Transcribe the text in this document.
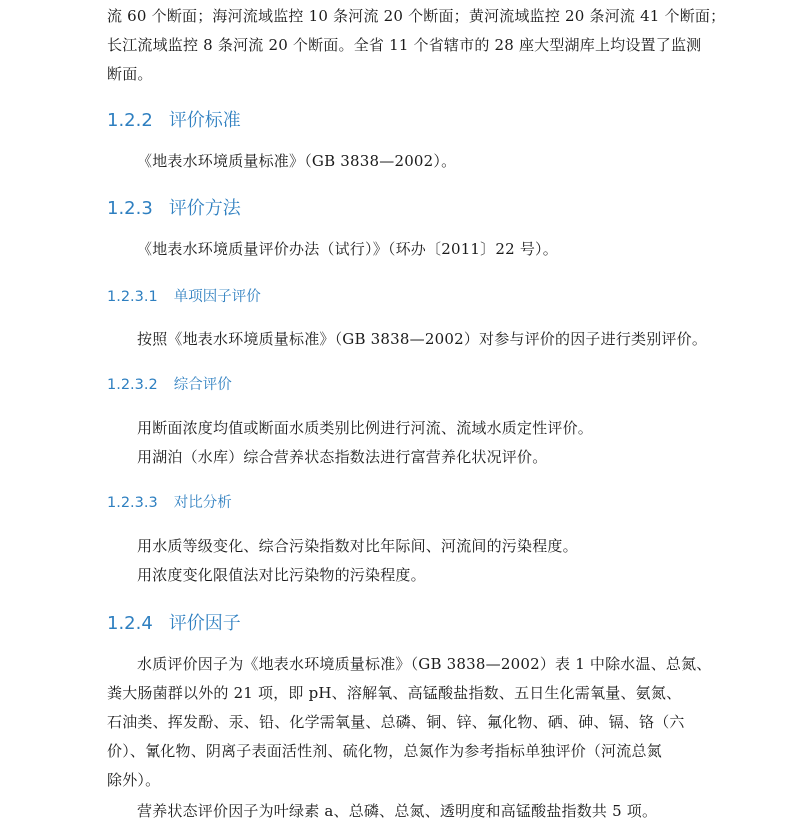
流 60 个断面；海河流域监控 10 条河流 20 个断面；黄河流域监控 20 条河流 41 个断面；
长江流域监控 8 条河流 20 个断面。全省 11 个省辖市的 28 座大型湖库上均设置了监测
断面。
1.2.2 评价标准
《地表水环境质量标准》（GB 3838—2002）。
1.2.3 评价方法
《地表水环境质量评价办法（试行）》（环办〔2011〕22 号）。
1.2.3.1 单项因子评价
按照《地表水环境质量标准》（GB 3838—2002）对参与评价的因子进行类别评价。
1.2.3.2 综合评价
用断面浓度均值或断面水质类别比例进行河流、流域水质定性评价。
用湖泊（水库）综合营养状态指数法进行富营养化状况评价。
1.2.3.3 对比分析
用水质等级变化、综合污染指数对比年际间、河流间的污染程度。
用浓度变化限值法对比污染物的污染程度。
1.2.4 评价因子
水质评价因子为《地表水环境质量标准》（GB 3838—2002）表 1 中除水温、总氮、
粪大肠菌群以外的 21 项，即 pH、溶解氧、高锰酸盐指数、五日生化需氧量、氨氮、
石油类、挥发酚、汞、铅、化学需氧量、总磷、铜、锌、氟化物、硒、砷、镉、铬（六
价）、氰化物、阴离子表面活性剂、硫化物，总氮作为参考指标单独评价（河流总氮
除外）。
营养状态评价因子为叶绿素 a、总磷、总氮、透明度和高锰酸盐指数共 5 项。
